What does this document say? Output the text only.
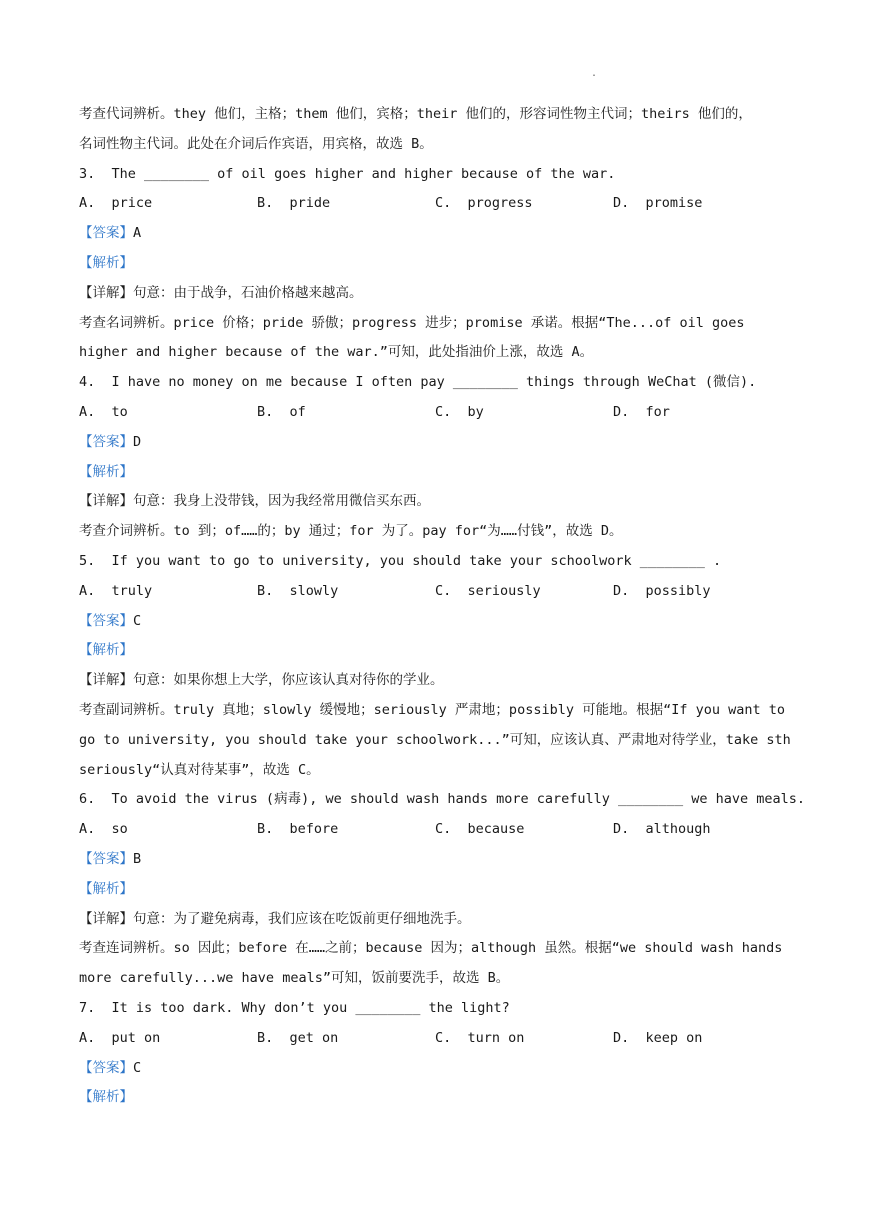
.
考查代词辨析。they 他们，主格；them 他们，宾格；their 他们的，形容词性物主代词；theirs 他们的，
名词性物主代词。此处在介词后作宾语，用宾格，故选 B。
3.  The ________ of oil goes higher and higher because of the war.
A.  price	B.  pride	C.  progress	D.  promise
【答案】A
【解析】
【详解】句意：由于战争，石油价格越来越高。
考查名词辨析。price 价格；pride 骄傲；progress 进步；promise 承诺。根据“The...of oil goes higher and higher because of the war.”可知，此处指油价上涨，故选 A。
4.  I have no money on me because I often pay ________ things through WeChat (微信).
A.  to	B.  of	C.  by	D.  for
【答案】D
【解析】
【详解】句意：我身上没带钱，因为我经常用微信买东西。
考查介词辨析。to 到；of……的；by 通过；for 为了。pay for“为……付钱”，故选 D。
5.  If you want to go to university, you should take your schoolwork ________ .
A.  truly	B.  slowly	C.  seriously	D.  possibly
【答案】C
【解析】
【详解】句意：如果你想上大学，你应该认真对待你的学业。
考查副词辨析。truly 真地；slowly 缓慢地；seriously 严肃地；possibly 可能地。根据“If you want to go to university, you should take your schoolwork...”可知，应该认真、严肃地对待学业，take sth seriously“认真对待某事”，故选 C。
6.  To avoid the virus (病毒), we should wash hands more carefully ________ we have meals.
A.  so	B.  before	C.  because	D.  although
【答案】B
【解析】
【详解】句意：为了避免病毒，我们应该在吃饭前更仔细地洗手。
考查连词辨析。so 因此；before 在……之前；because 因为；although 虽然。根据“we should wash hands more carefully...we have meals”可知，饭前要洗手，故选 B。
7.  It is too dark. Why don’t you ________ the light?
A.  put on	B.  get on	C.  turn on	D.  keep on
【答案】C
【解析】
